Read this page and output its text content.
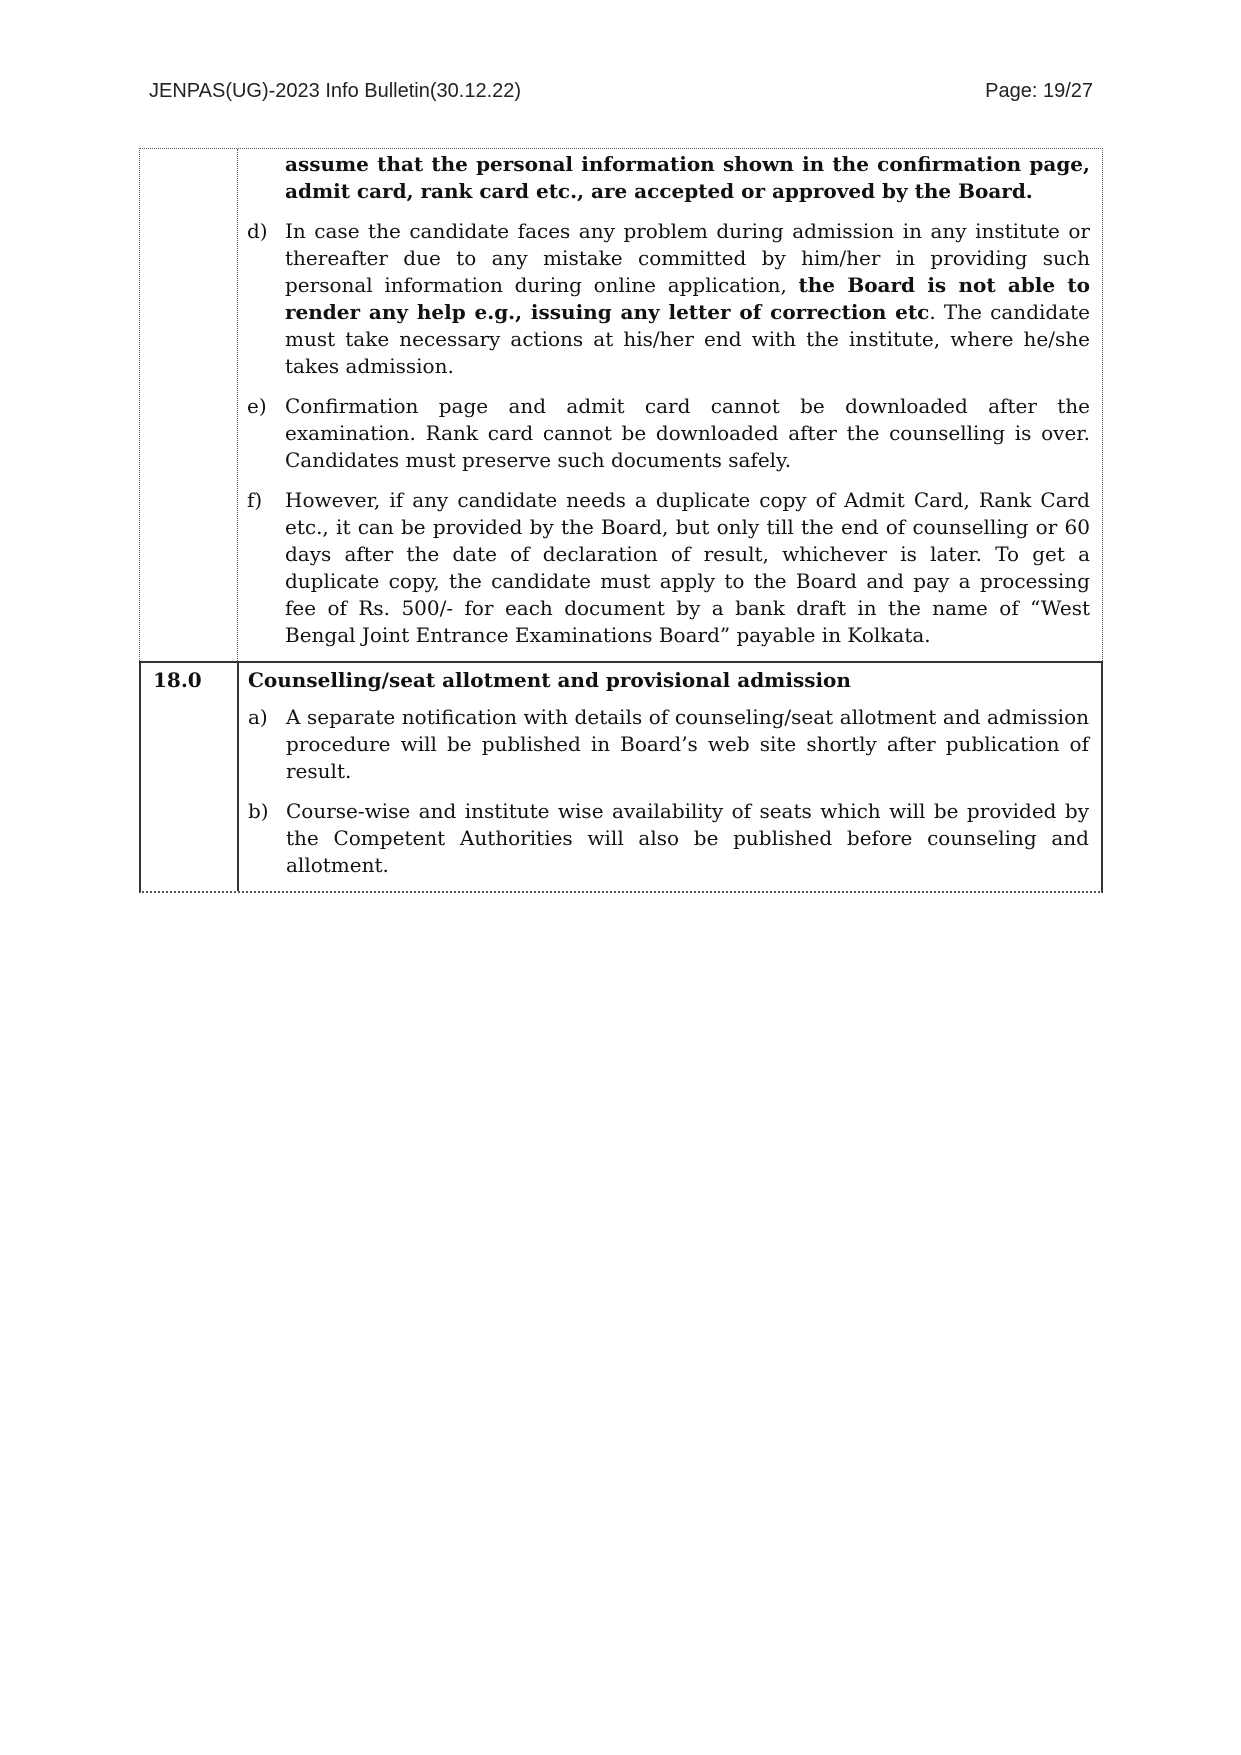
JENPAS(UG)-2023 Info Bulletin(30.12.22)	Page: 19/27
assume that the personal information shown in the confirmation page, admit card, rank card etc., are accepted or approved by the Board.
d) In case the candidate faces any problem during admission in any institute or thereafter due to any mistake committed by him/her in providing such personal information during online application, the Board is not able to render any help e.g., issuing any letter of correction etc. The candidate must take necessary actions at his/her end with the institute, where he/she takes admission.
e) Confirmation page and admit card cannot be downloaded after the examination. Rank card cannot be downloaded after the counselling is over. Candidates must preserve such documents safely.
f)	However, if any candidate needs a duplicate copy of Admit Card, Rank Card etc., it can be provided by the Board, but only till the end of counselling or 60 days after the date of declaration of result, whichever is later. To get a duplicate copy, the candidate must apply to the Board and pay a processing fee of Rs. 500/- for each document by a bank draft in the name of “West Bengal Joint Entrance Examinations Board” payable in Kolkata.
18.0	Counselling/seat allotment and provisional admission
a) A separate notification with details of counseling/seat allotment and admission procedure will be published in Board’s web site shortly after publication of result.
b) Course-wise and institute wise availability of seats which will be provided by the Competent Authorities will also be published before counseling and allotment.
